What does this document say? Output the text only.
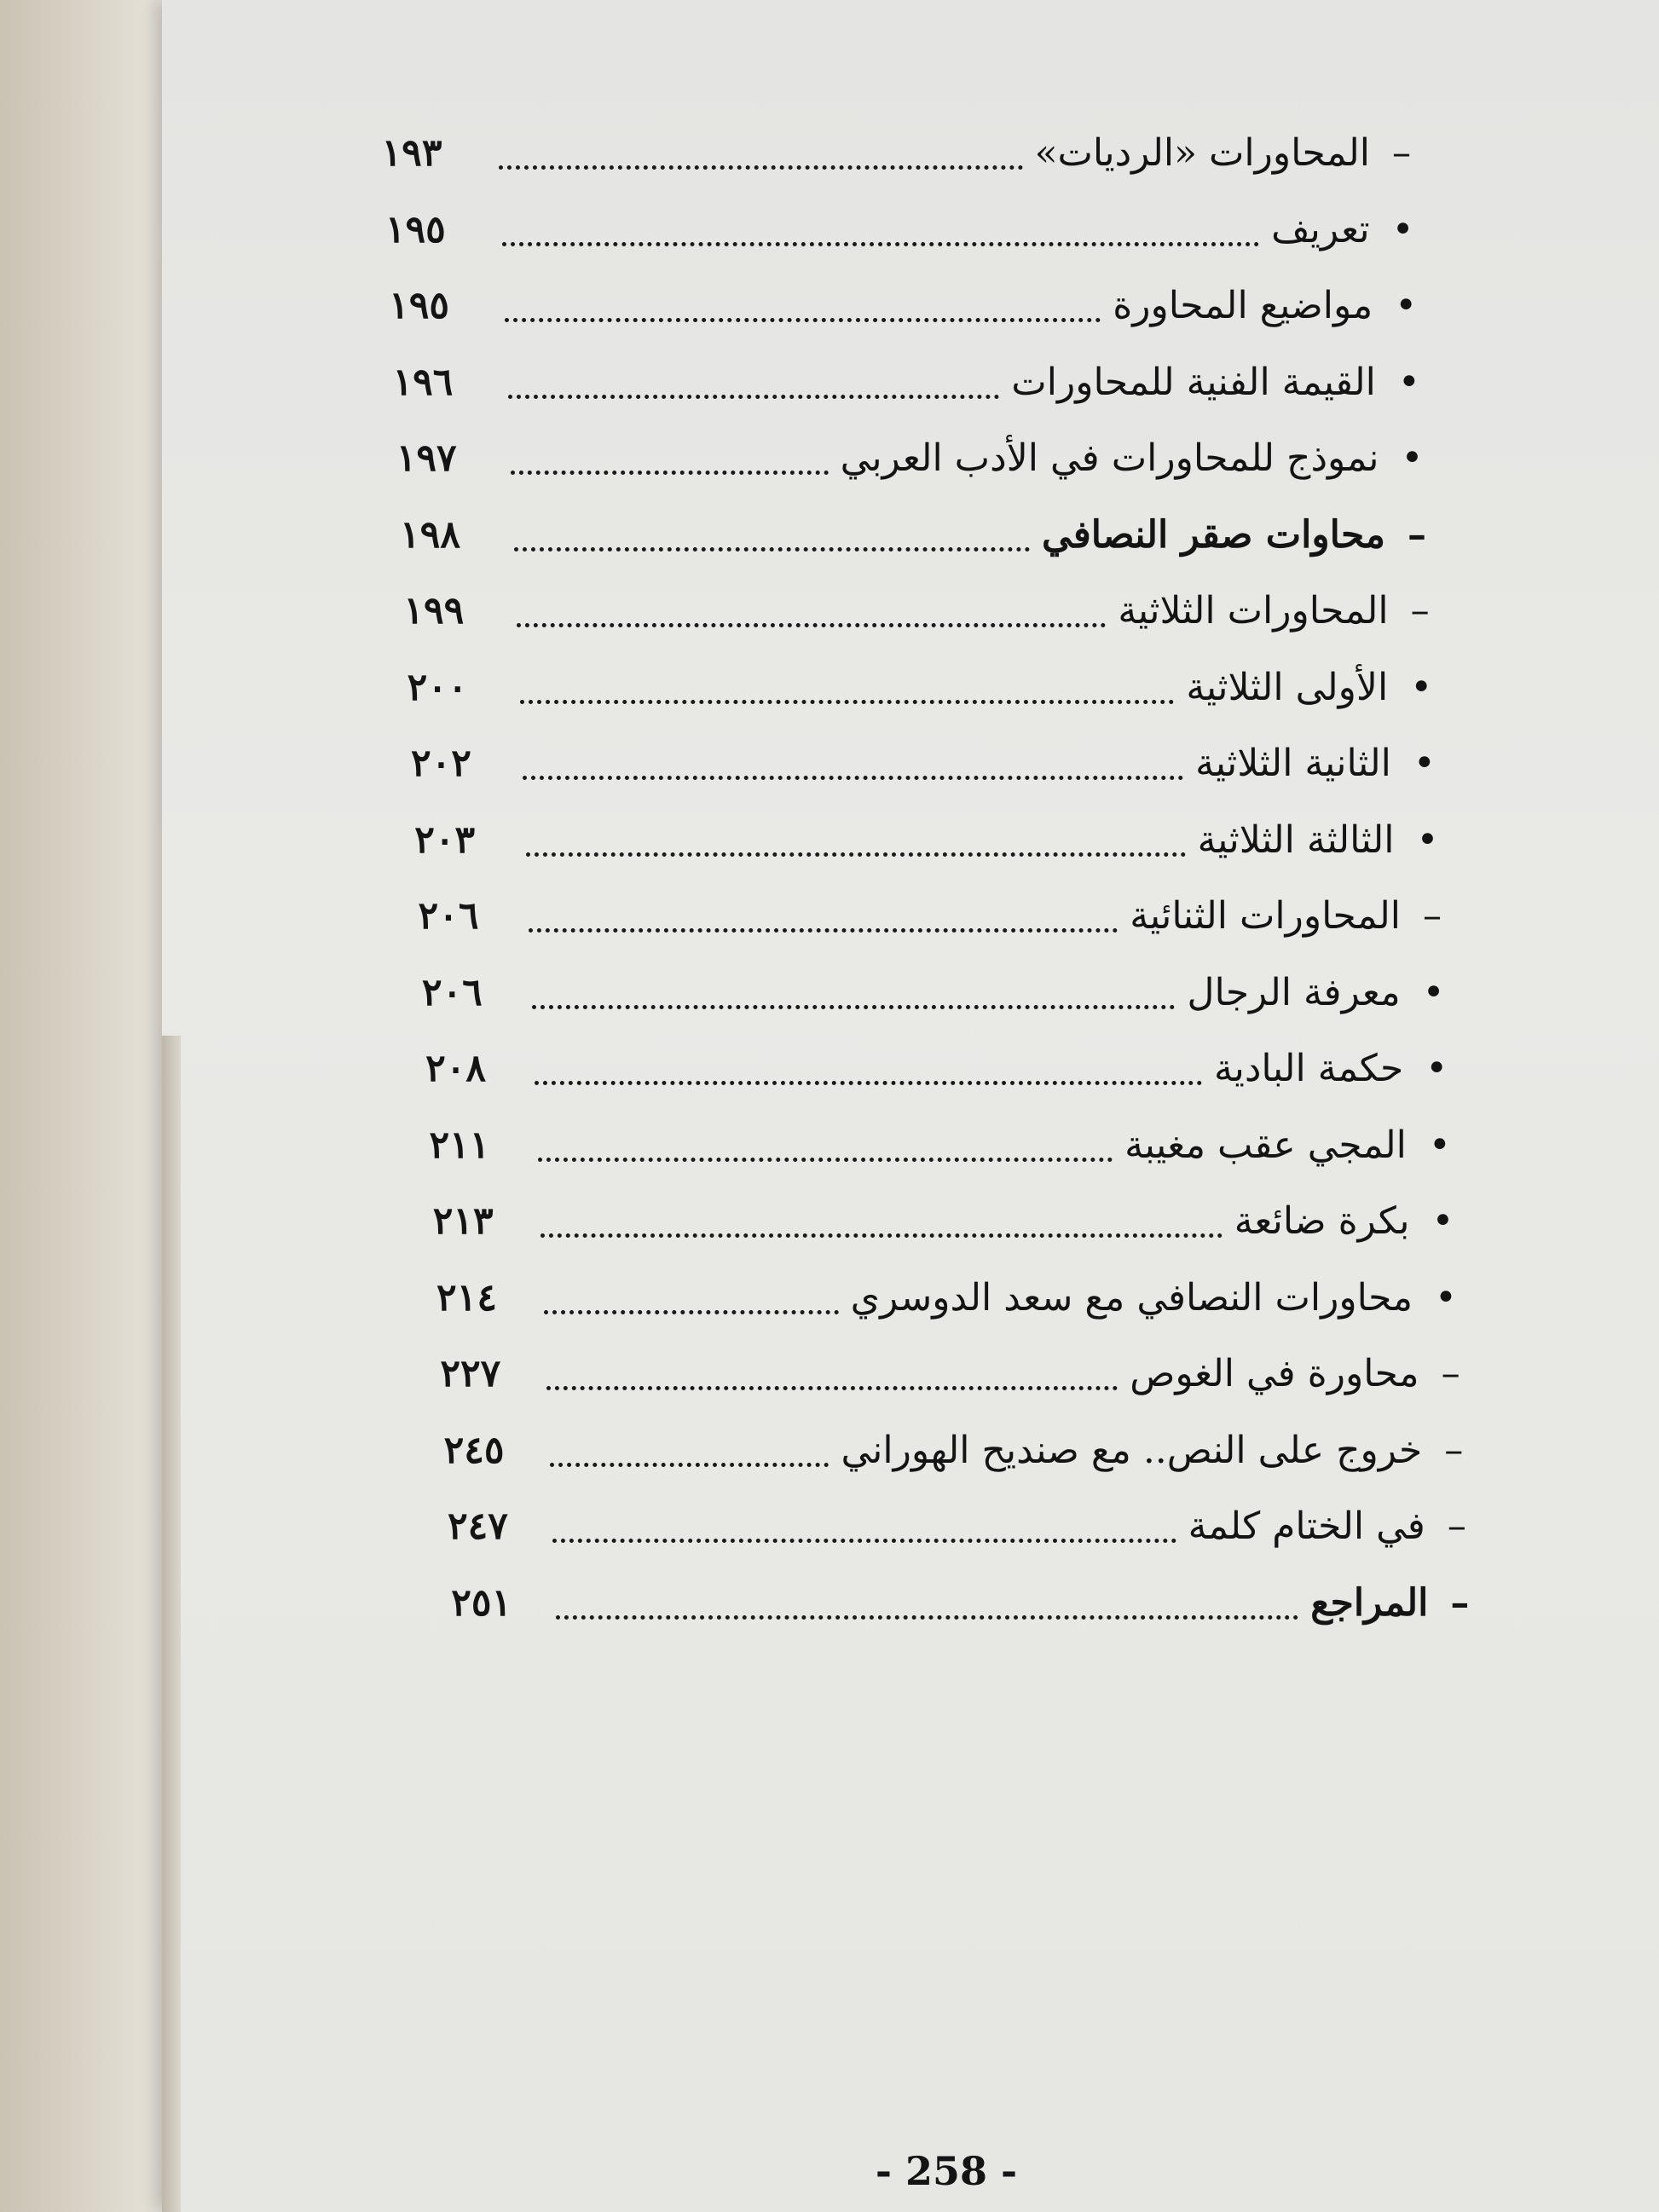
–المحاورات «الرديات»
١٩٣
•تعريف
١٩٥
•مواضيع المحاورة
١٩٥
•القيمة الفنية للمحاورات
١٩٦
•نموذج للمحاورات في الأدب العربي
١٩٧
–محاوات صقر النصافي
١٩٨
–المحاورات الثلاثية
١٩٩
•الأولى الثلاثية
٢٠٠
•الثانية الثلاثية
٢٠٢
•الثالثة الثلاثية
٢٠٣
–المحاورات الثنائية
٢٠٦
•معرفة الرجال
٢٠٦
•حكمة البادية
٢٠٨
•المجي عقب مغيبة
٢١١
•بكرة ضائعة
٢١٣
•محاورات النصافي مع سعد الدوسري
٢١٤
–محاورة في الغوص
٢٢٧
–خروج على النص.. مع صنديح الهوراني
٢٤٥
–في الختام كلمة
٢٤٧
–المراجع
٢٥١
- 258 -
